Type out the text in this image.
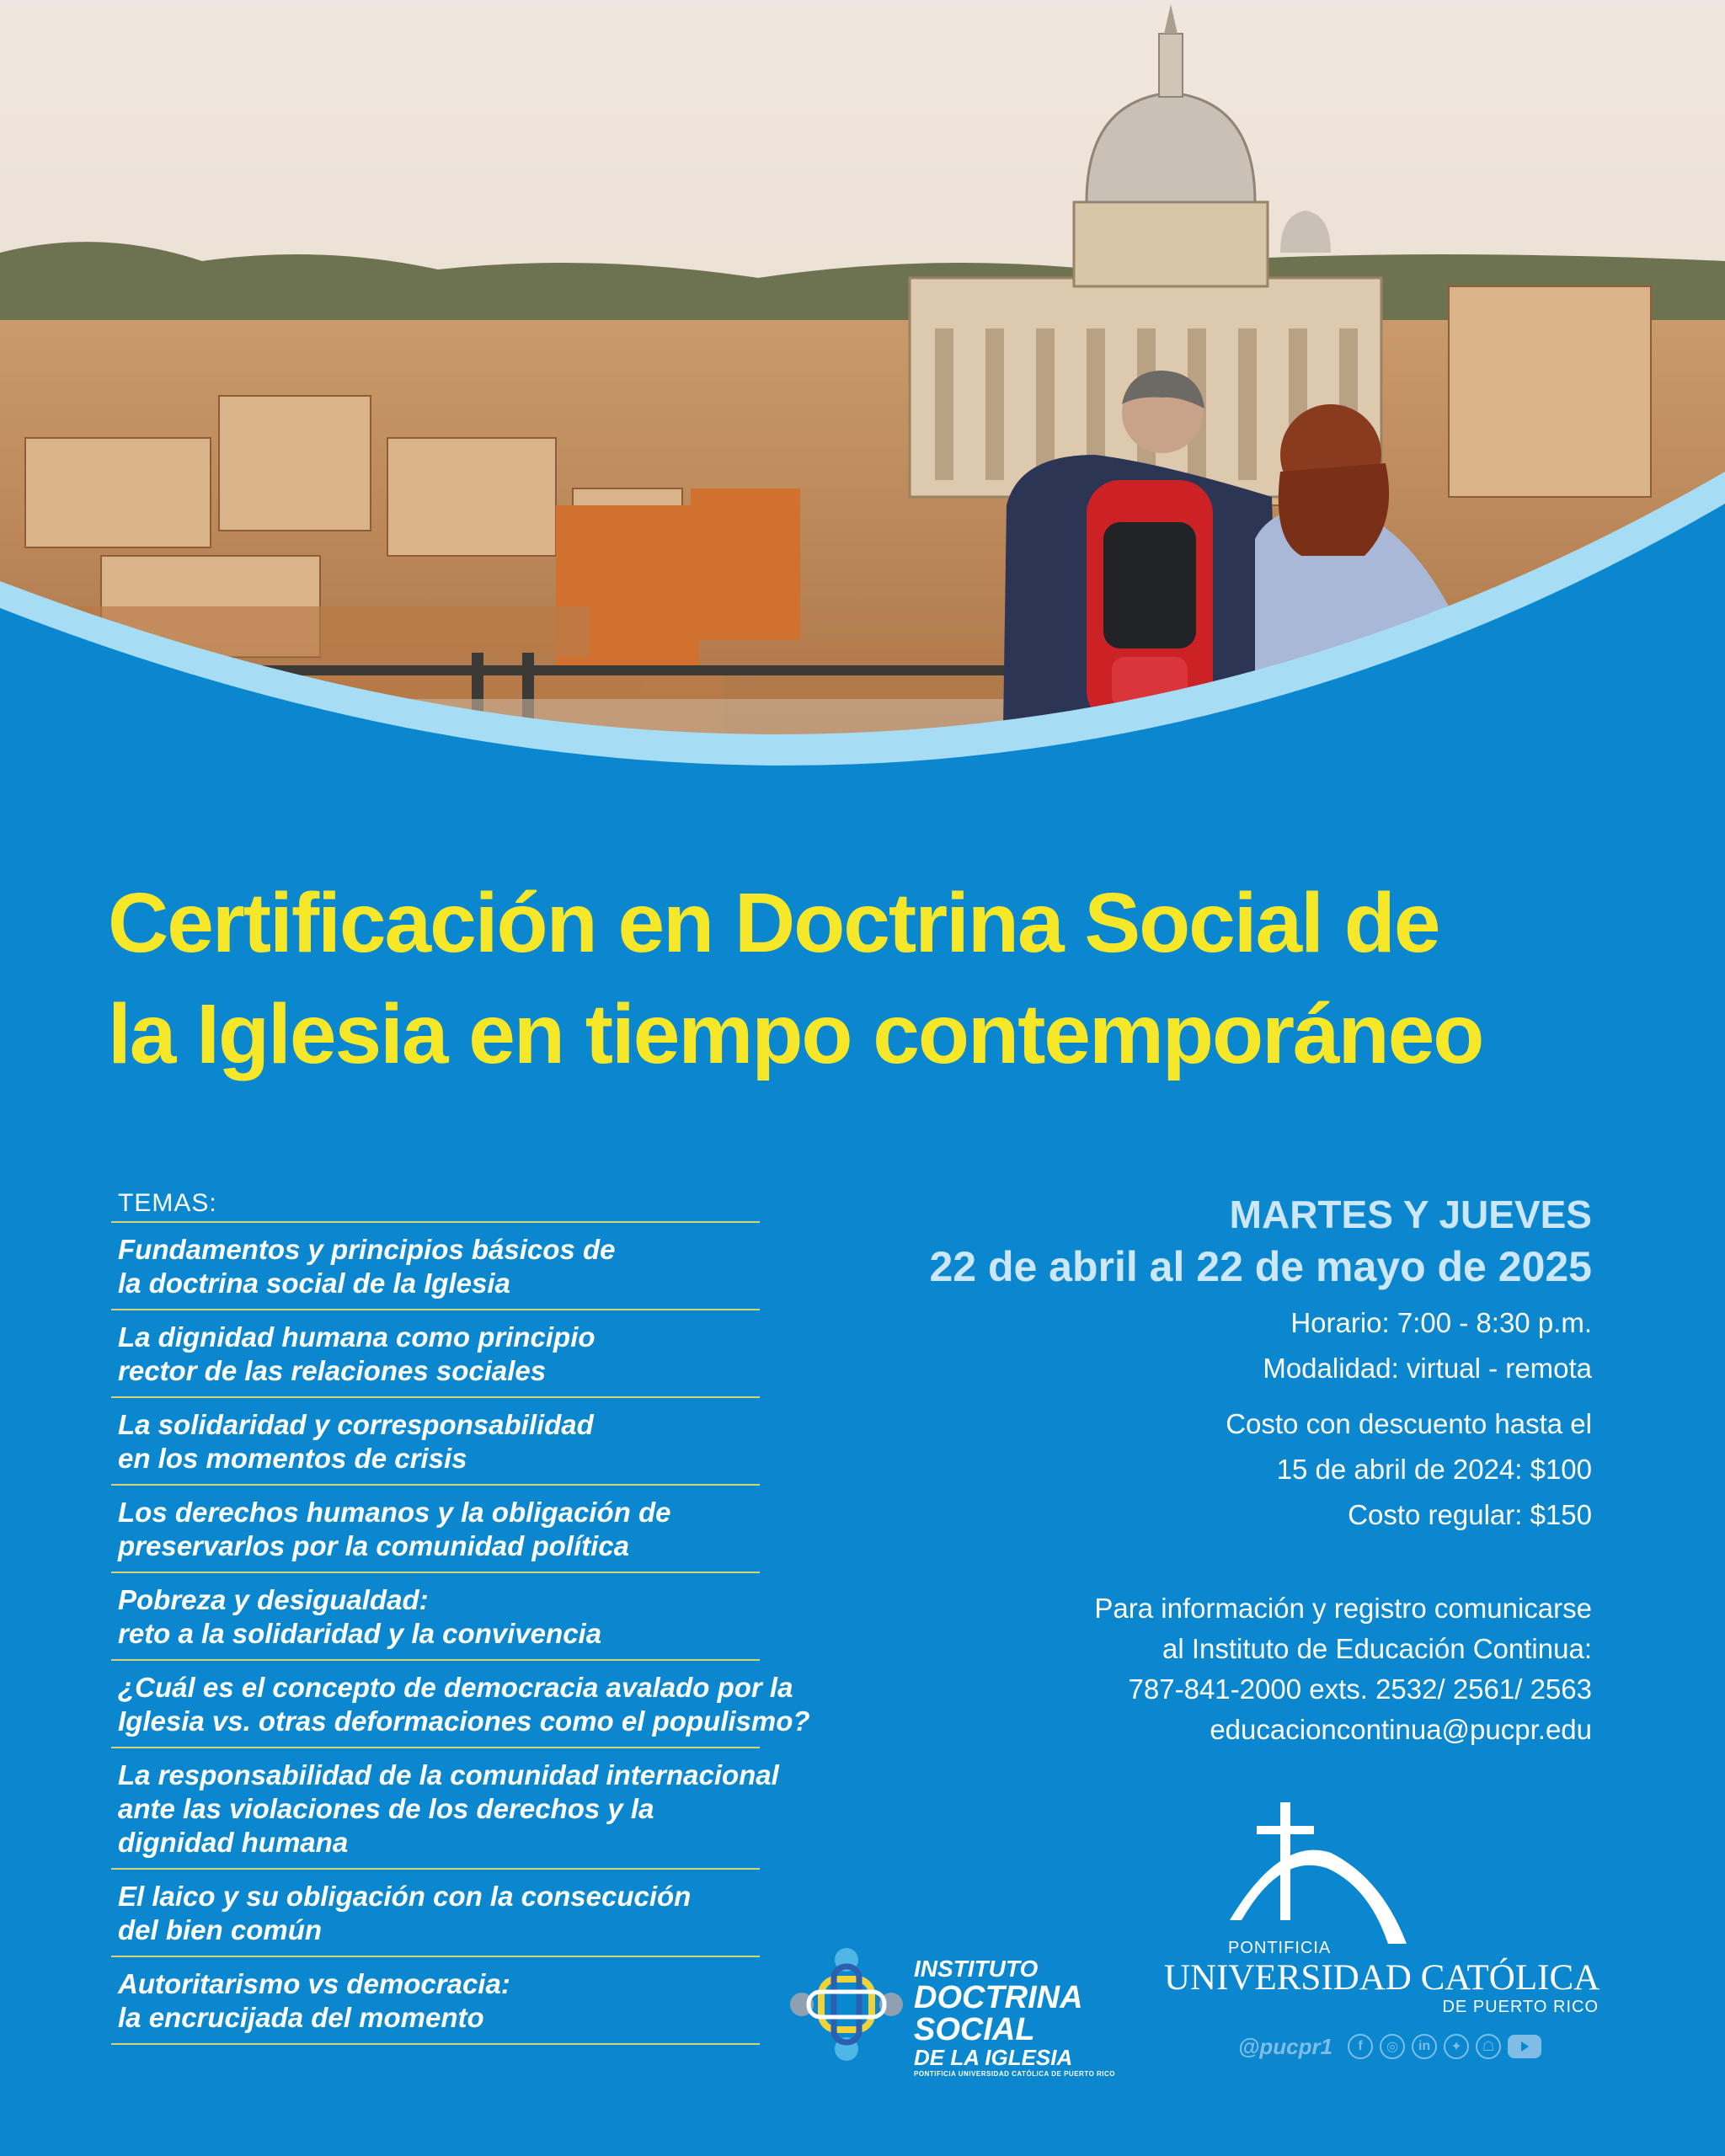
Certificación en Doctrina Social de
la Iglesia en tiempo contemporáneo
TEMAS:
Fundamentos y principios básicos de
la doctrina social de la Iglesia
La dignidad humana como principio
rector de las relaciones sociales
La solidaridad y corresponsabilidad
en los momentos de crisis
Los derechos humanos y la obligación de
preservarlos por la comunidad política
Pobreza y desigualdad:
reto a la solidaridad y la convivencia
¿Cuál es el concepto de democracia avalado por la
Iglesia vs. otras deformaciones como el populismo?
La responsabilidad de la comunidad internacional
ante las violaciones de los derechos y la
dignidad humana
El laico y su obligación con la consecución
del bien común
Autoritarismo vs democracia:
la encrucijada del momento
MARTES Y JUEVES
22 de abril al 22 de mayo de 2025
Horario: 7:00 - 8:30 p.m.
Modalidad: virtual - remota
Costo con descuento hasta el
15 de abril de 2024: $100
Costo regular: $150
Para información y registro comunicarse
al Instituto de Educación Continua:
787-841-2000 exts. 2532/ 2561/ 2563
educacioncontinua@pucpr.edu
INSTITUTO
DOCTRINA
SOCIAL
DE LA IGLESIA
PONTIFICIA UNIVERSIDAD CATÓLICA DE PUERTO RICO
PONTIFICIA
UNIVERSIDAD CATÓLICA
DE PUERTO RICO
@pucpr1	f	◎	in	✦	☖
